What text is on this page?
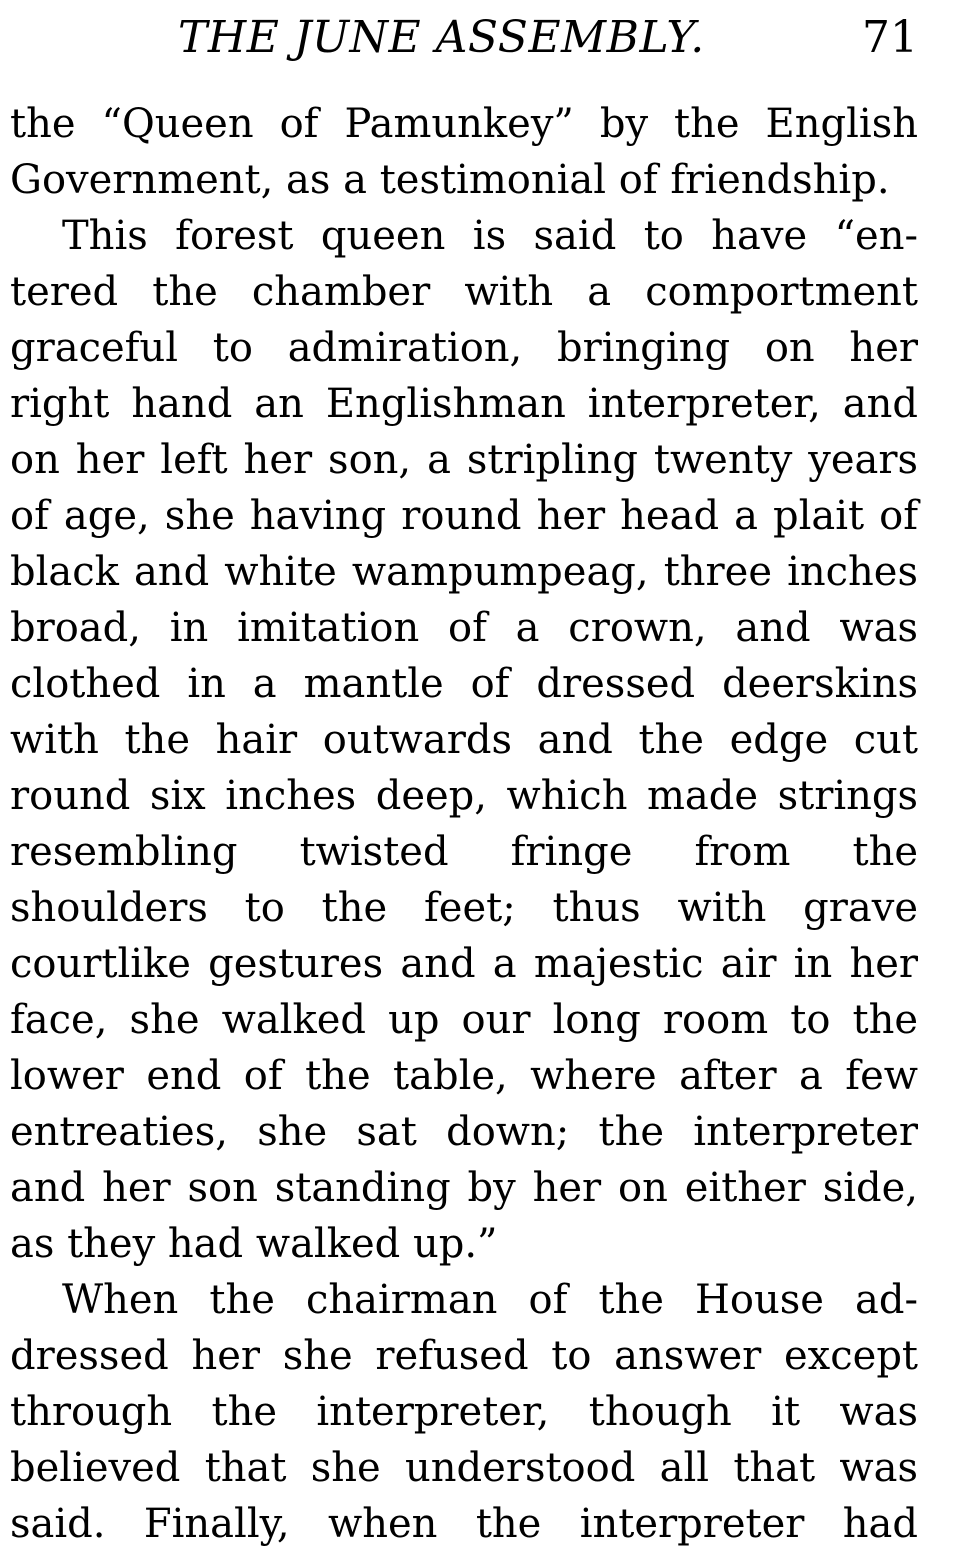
THE JUNE ASSEMBLY.	71
the “Queen of Pamunkey” by the English
Government, as a testimonial of friendship.
This forest queen is said to have “en-
tered the chamber with a comportment
graceful to admiration, bringing on her
right hand an Englishman interpreter, and
on her left her son, a stripling twenty years
of age, she having round her head a plait of
black and white wampumpeag, three inches
broad, in imitation of a crown, and was
clothed in a mantle of dressed deerskins
with the hair outwards and the edge cut
round six inches deep, which made strings
resembling twisted fringe from the
shoulders to the feet; thus with grave
courtlike gestures and a majestic air in her
face, she walked up our long room to the
lower end of the table, where after a few
entreaties, she sat down; the interpreter
and her son standing by her on either side,
as they had walked up.”
When the chairman of the House ad-
dressed her she refused to answer except
through the interpreter, though it was
believed that she understood all that was
said. Finally, when the interpreter had
